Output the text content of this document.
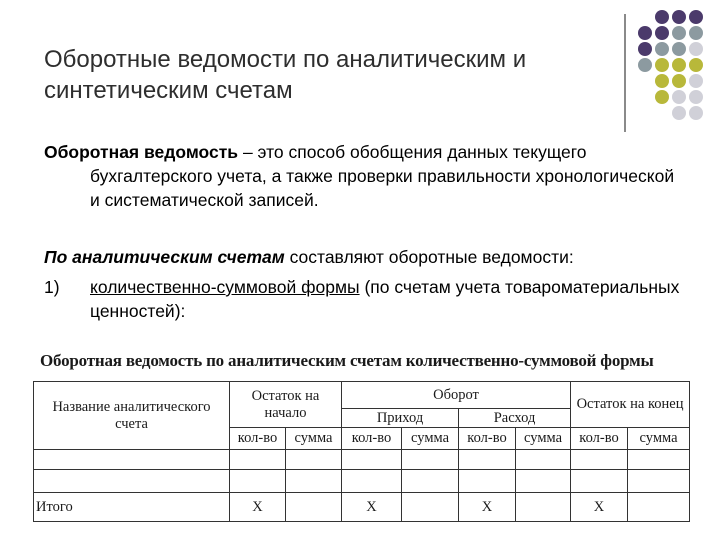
Оборотные ведомости по аналитическим и синтетическим счетам
Оборотная ведомость – это способ обобщения данных текущего
бухгалтерского учета, а также проверки правильности хронологической и систематической записей.
По аналитическим счетам составляют оборотные ведомости:
1) количественно-суммовой формы (по счетам учета товароматериальных ценностей):
Оборотная ведомость по аналитическим счетам количественно-суммовой формы
Название аналитического счета	Остаток на начало		Оборот				Остаток на конец	
			Приход		Расход			
	кол-во	сумма	кол-во	сумма	кол-во	сумма	кол-во	сумма

Итого	Х		Х		Х		Х	
